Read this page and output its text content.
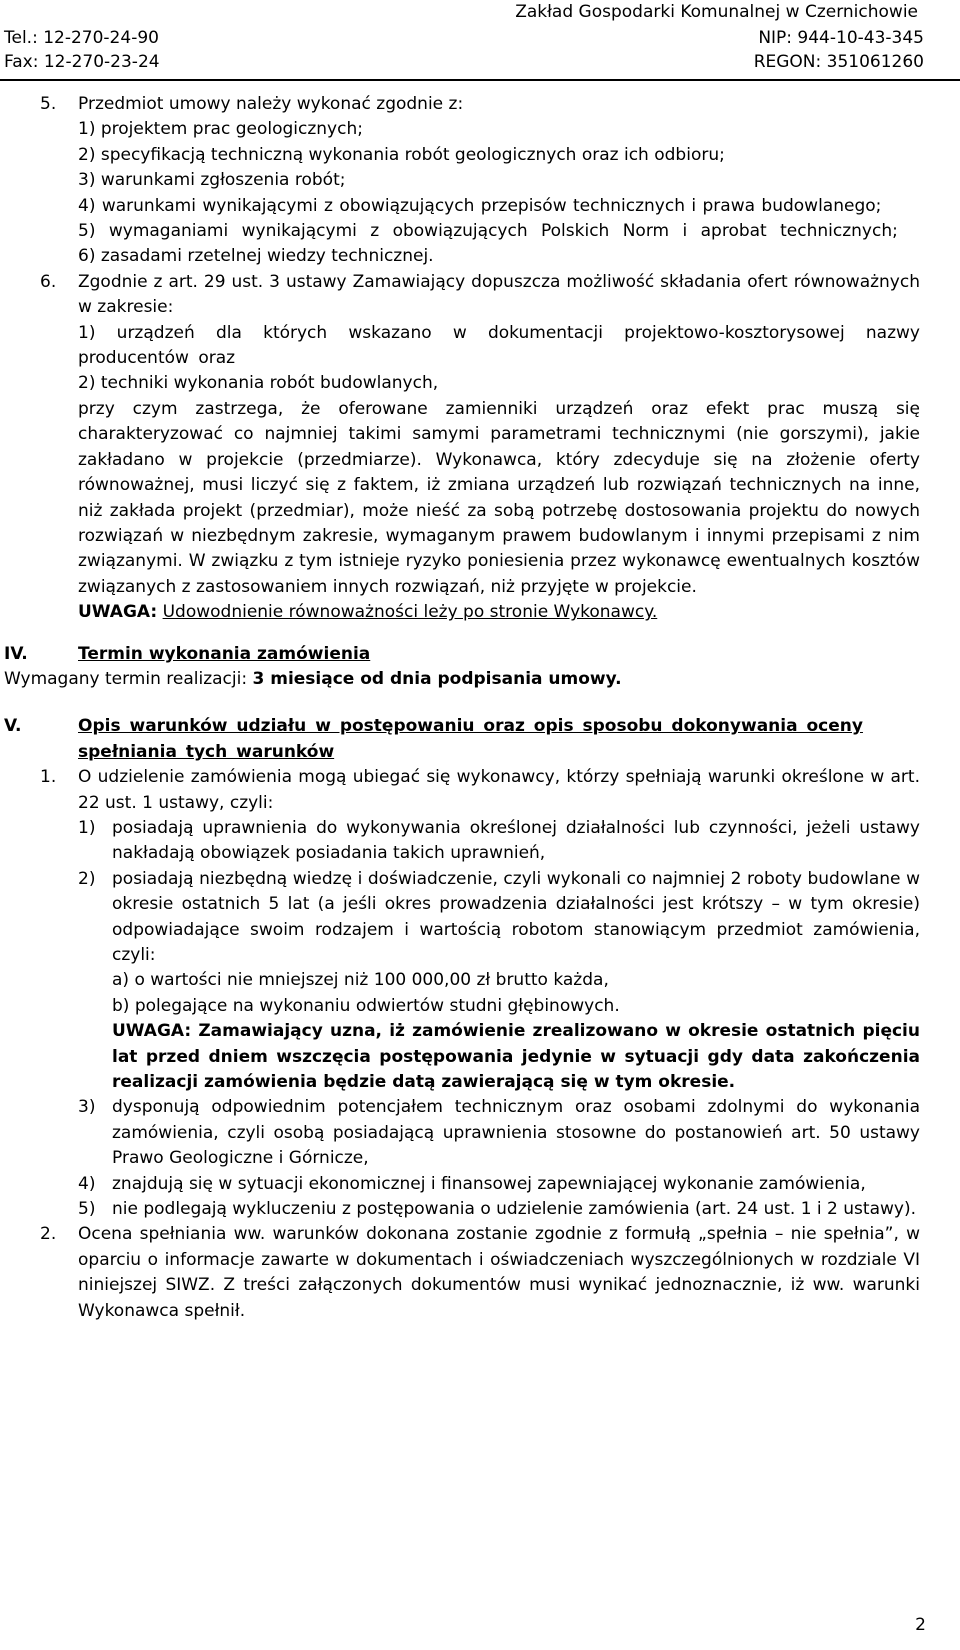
Zakład Gospodarki Komunalnej w Czernichowie
Tel.: 12-270-24-90	NIP: 944-10-43-345
Fax: 12-270-23-24	REGON: 351061260
5. Przedmiot umowy należy wykonać zgodnie z:
1) projektem prac geologicznych;
2) specyfikacją techniczną wykonania robót geologicznych oraz ich odbioru;
3) warunkami zgłoszenia robót;
4) warunkami wynikającymi z obowiązujących przepisów technicznych i prawa budowlanego;
5) wymaganiami wynikającymi z obowiązujących Polskich Norm i aprobat technicznych;
6) zasadami rzetelnej wiedzy technicznej.
6. Zgodnie z art. 29 ust. 3 ustawy Zamawiający dopuszcza możliwość składania ofert równoważnych w zakresie:
1) urządzeń dla których wskazano w dokumentacji projektowo-kosztorysowej nazwy producentów oraz
2) techniki wykonania robót budowlanych,
przy czym zastrzega, że oferowane zamienniki urządzeń oraz efekt prac muszą się charakteryzować co najmniej takimi samymi parametrami technicznymi (nie gorszymi), jakie zakładano w projekcie (przedmiarze). Wykonawca, który zdecyduje się na złożenie oferty równoważnej, musi liczyć się z faktem, iż zmiana urządzeń lub rozwiązań technicznych na inne, niż zakłada projekt (przedmiar), może nieść za sobą potrzebę dostosowania projektu do nowych rozwiązań w niezbędnym zakresie, wymaganym prawem budowlanym i innymi przepisami z nim związanymi. W związku z tym istnieje ryzyko poniesienia przez wykonawcę ewentualnych kosztów związanych z zastosowaniem innych rozwiązań, niż przyjęte w projekcie.
UWAGA: Udowodnienie równoważności leży po stronie Wykonawcy.
IV.	Termin wykonania zamówienia
Wymagany termin realizacji: 3 miesiące od dnia podpisania umowy.
V.	Opis warunków udziału w postępowaniu oraz opis sposobu dokonywania oceny spełniania tych warunków
1. O udzielenie zamówienia mogą ubiegać się wykonawcy, którzy spełniają warunki określone w art. 22 ust. 1 ustawy, czyli:
1) posiadają uprawnienia do wykonywania określonej działalności lub czynności, jeżeli ustawy nakładają obowiązek posiadania takich uprawnień,
2) posiadają niezbędną wiedzę i doświadczenie, czyli wykonali co najmniej 2 roboty budowlane w okresie ostatnich 5 lat (a jeśli okres prowadzenia działalności jest krótszy – w tym okresie) odpowiadające swoim rodzajem i wartością robotom stanowiącym przedmiot zamówienia, czyli:
a) o wartości nie mniejszej niż 100 000,00 zł brutto każda,
b) polegające na wykonaniu odwiertów studni głębinowych.
UWAGA: Zamawiający uzna, iż zamówienie zrealizowano w okresie ostatnich pięciu lat przed dniem wszczęcia postępowania jedynie w sytuacji gdy data zakończenia realizacji zamówienia będzie datą zawierającą się w tym okresie.
3) dysponują odpowiednim potencjałem technicznym oraz osobami zdolnymi do wykonania zamówienia, czyli osobą posiadającą uprawnienia stosowne do postanowień art. 50 ustawy Prawo Geologiczne i Górnicze,
4) znajdują się w sytuacji ekonomicznej i finansowej zapewniającej wykonanie zamówienia,
5) nie podlegają wykluczeniu z postępowania o udzielenie zamówienia (art. 24 ust. 1 i 2 ustawy).
2. Ocena spełniania ww. warunków dokonana zostanie zgodnie z formułą „spełnia – nie spełnia”, w oparciu o informacje zawarte w dokumentach i oświadczeniach wyszczególnionych w rozdziale VI niniejszej SIWZ. Z treści załączonych dokumentów musi wynikać jednoznacznie, iż ww. warunki Wykonawca spełnił.
2
